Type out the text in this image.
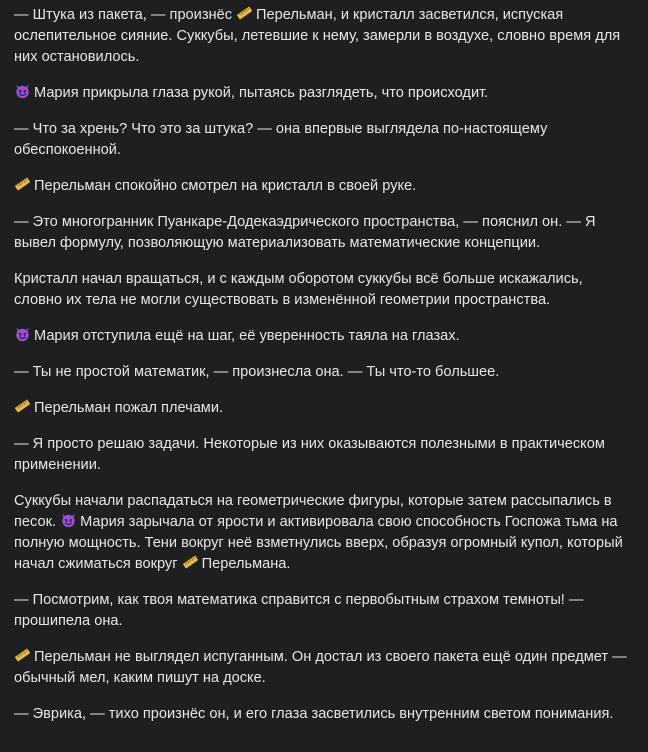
— Штука из пакета, — произнёс
Перельман, и кристалл засветился, испуская ослепительное сияние. Суккубы, летевшие к нему, замерли в воздухе, словно время для них остановилось.

Мария прикрыла глаза рукой, пытаясь разглядеть, что происходит.

— Что за хрень? Что это за штука? — она впервые выглядела по-настоящему обеспокоенной.

Перельман спокойно смотрел на кристалл в своей руке.

— Это многогранник Пуанкаре-Додекаэдрического пространства, — пояснил он. — Я вывел формулу, позволяющую материализовать математические концепции.

Кристалл начал вращаться, и с каждым оборотом суккубы всё больше искажались, словно их тела не могли существовать в изменённой геометрии пространства.

Мария отступила ещё на шаг, её уверенность таяла на глазах.

— Ты не простой математик, — произнесла она. — Ты что-то большее.

Перельман пожал плечами.

— Я просто решаю задачи. Некоторые из них оказываются полезными в практическом применении.

Суккубы начали распадаться на геометрические фигуры, которые затем рассыпались в песок.
Мария зарычала от ярости и активировала свою способность Госпожа тьма на полную мощность. Тени вокруг неё взметнулись вверх, образуя огромный купол, который начал сжиматься вокруг
Перельмана.

— Посмотрим, как твоя математика справится с первобытным страхом темноты! — прошипела она.

Перельман не выглядел испуганным. Он достал из своего пакета ещё один предмет — обычный мел, каким пишут на доске.

— Эврика, — тихо произнёс он, и его глаза засветились внутренним светом понимания.
